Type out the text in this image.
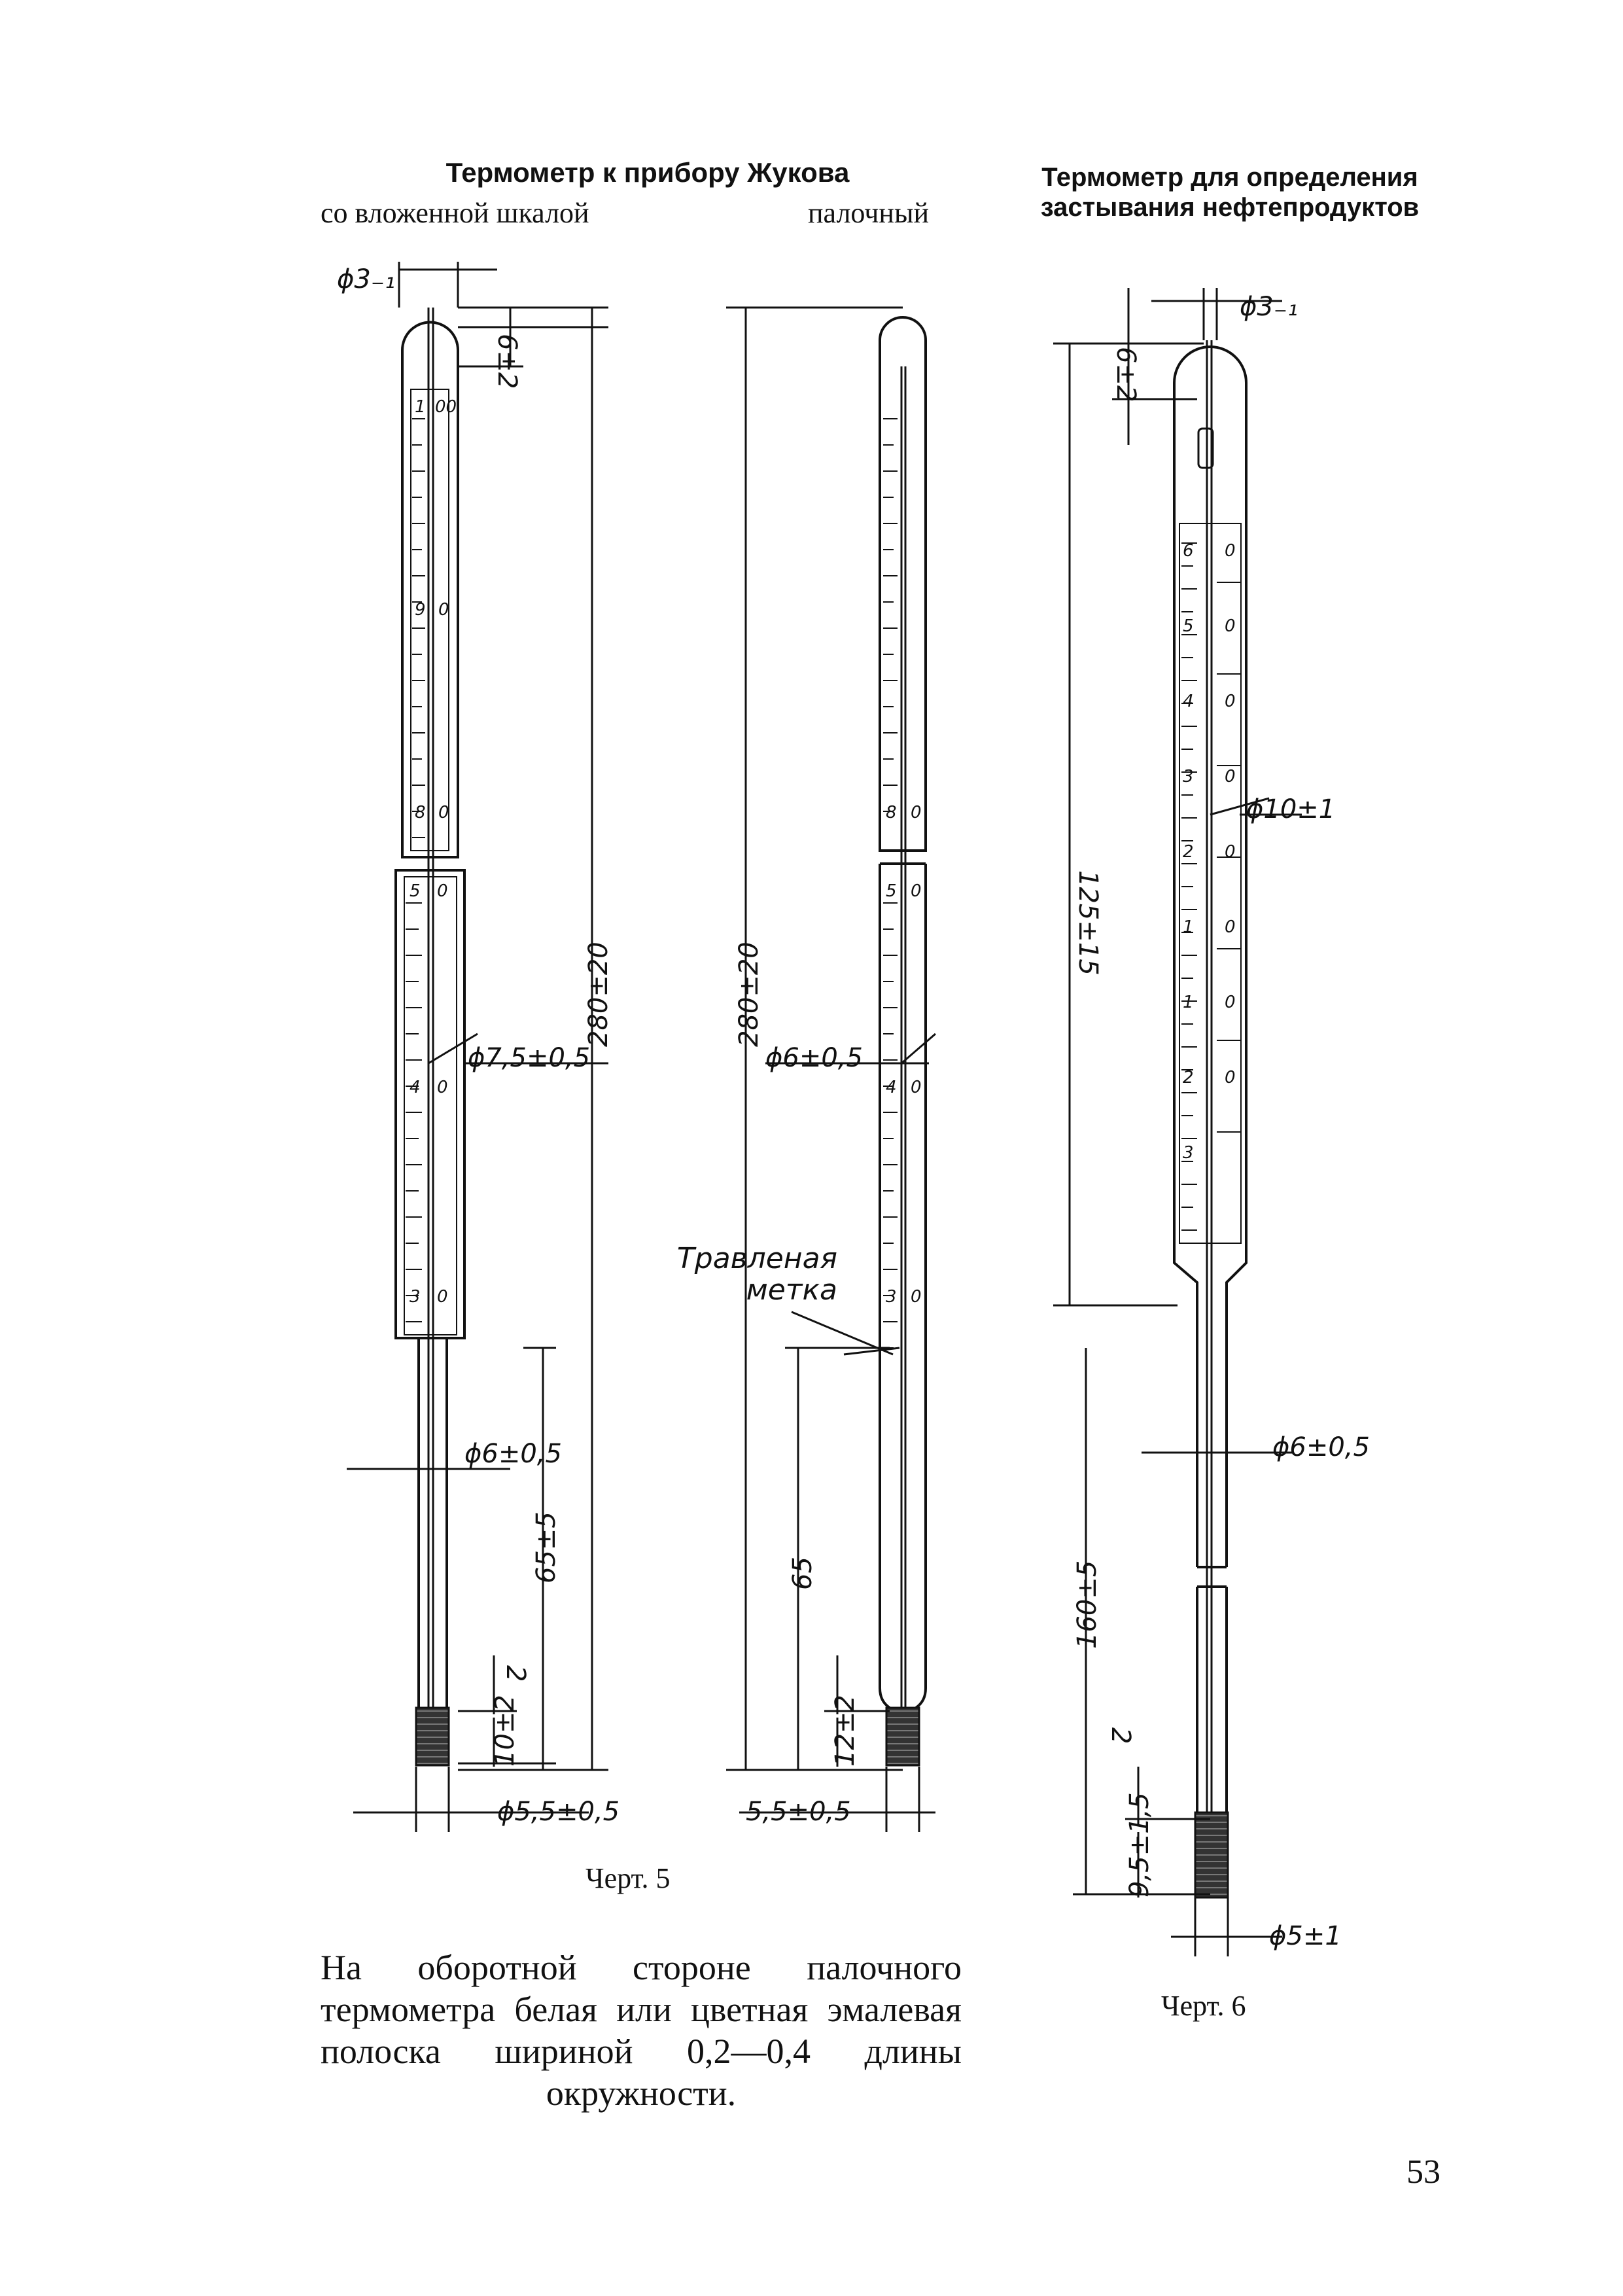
Термометр к прибору Жукова
со вложенной шкалой	палочный
Термометр для определения застывания нефтепродуктов
1 00
9 0
8 0
5 0
4 0
3 0
ϕ3₋₁
6±2
280±20
ϕ7,5±0,5
ϕ6±0,5
65±5
2
10±2
ϕ5,5±0,5
8 0
5 0
4 0
3 0
280±20
ϕ6±0,5
65
12±2
5,5±0,5
6 0
5 0
4 0
3 0
2 0
1 0
1 0
2 0
3
ϕ3₋₁
6±2
125±15
ϕ10±1
ϕ6±0,5
160±5
2
9,5±1,5
ϕ5±1
Травленая метка
Черт. 5
Черт. 6
На оборотной стороне палочного термометра белая или цветная эмалевая полоска шириной 0,2—0,4 длины окружности.
53
